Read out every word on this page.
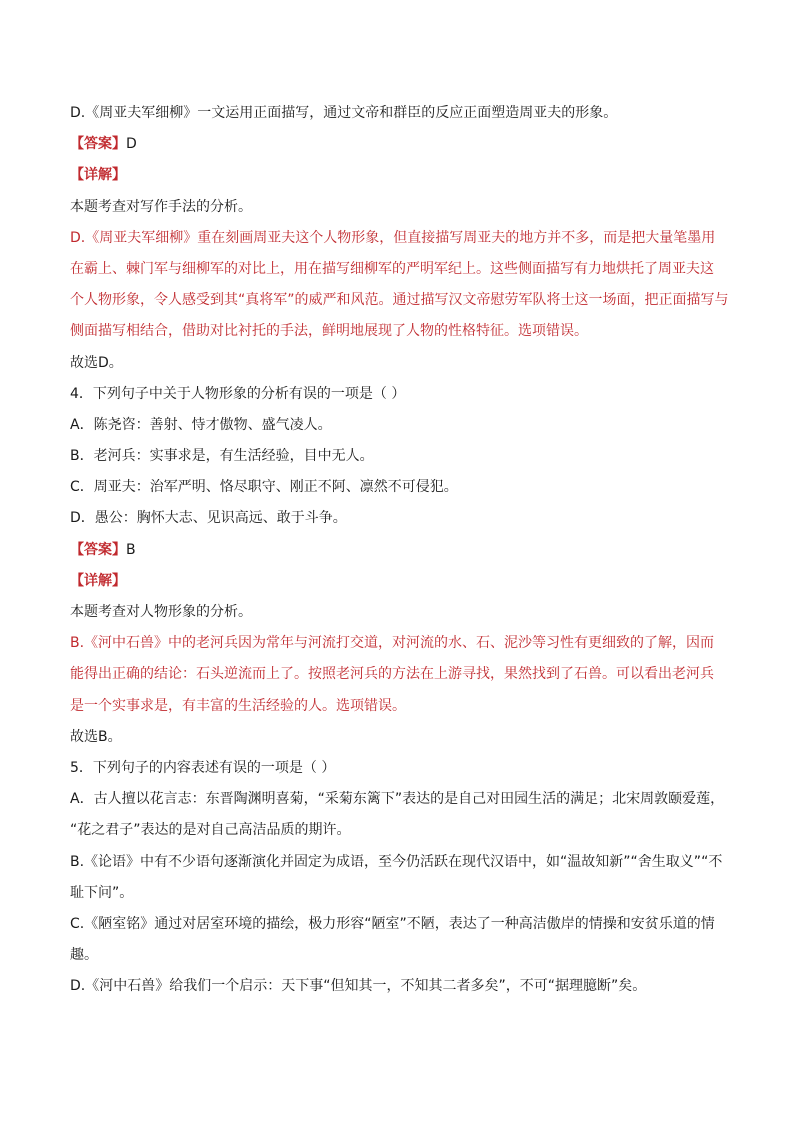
D.《周亚夫军细柳》一文运用正面描写，通过文帝和群臣的反应正面塑造周亚夫的形象。
【答案】D
【详解】
本题考查对写作手法的分析。
D.《周亚夫军细柳》重在刻画周亚夫这个人物形象，但直接描写周亚夫的地方并不多，而是把大量笔墨用
在霸上、棘门军与细柳军的对比上，用在描写细柳军的严明军纪上。这些侧面描写有力地烘托了周亚夫这
个人物形象，令人感受到其“真将军”的威严和风范。通过描写汉文帝慰劳军队将士这一场面，把正面描写与
侧面描写相结合，借助对比衬托的手法，鲜明地展现了人物的性格特征。选项错误。
故选D。
4．下列句子中关于人物形象的分析有误的一项是（ ）
A．陈尧咨：善射、恃才傲物、盛气凌人。
B．老河兵：实事求是，有生活经验，目中无人。
C．周亚夫：治军严明、恪尽职守、刚正不阿、凛然不可侵犯。
D．愚公：胸怀大志、见识高远、敢于斗争。
【答案】B
【详解】
本题考查对人物形象的分析。
B.《河中石兽》中的老河兵因为常年与河流打交道，对河流的水、石、泥沙等习性有更细致的了解，因而
能得出正确的结论：石头逆流而上了。按照老河兵的方法在上游寻找，果然找到了石兽。可以看出老河兵
是一个实事求是，有丰富的生活经验的人。选项错误。
故选B。
5．下列句子的内容表述有误的一项是（ ）
A．古人擅以花言志：东晋陶渊明喜菊，“采菊东篱下”表达的是自己对田园生活的满足；北宋周敦颐爱莲，
“花之君子”表达的是对自己高洁品质的期许。
B.《论语》中有不少语句逐渐演化并固定为成语，至今仍活跃在现代汉语中，如“温故知新”“舍生取义”“不
耻下问”。
C.《陋室铭》通过对居室环境的描绘，极力形容“陋室”不陋，表达了一种高洁傲岸的情操和安贫乐道的情
趣。
D.《河中石兽》给我们一个启示：天下事“但知其一，不知其二者多矣”，不可“据理臆断”矣。
